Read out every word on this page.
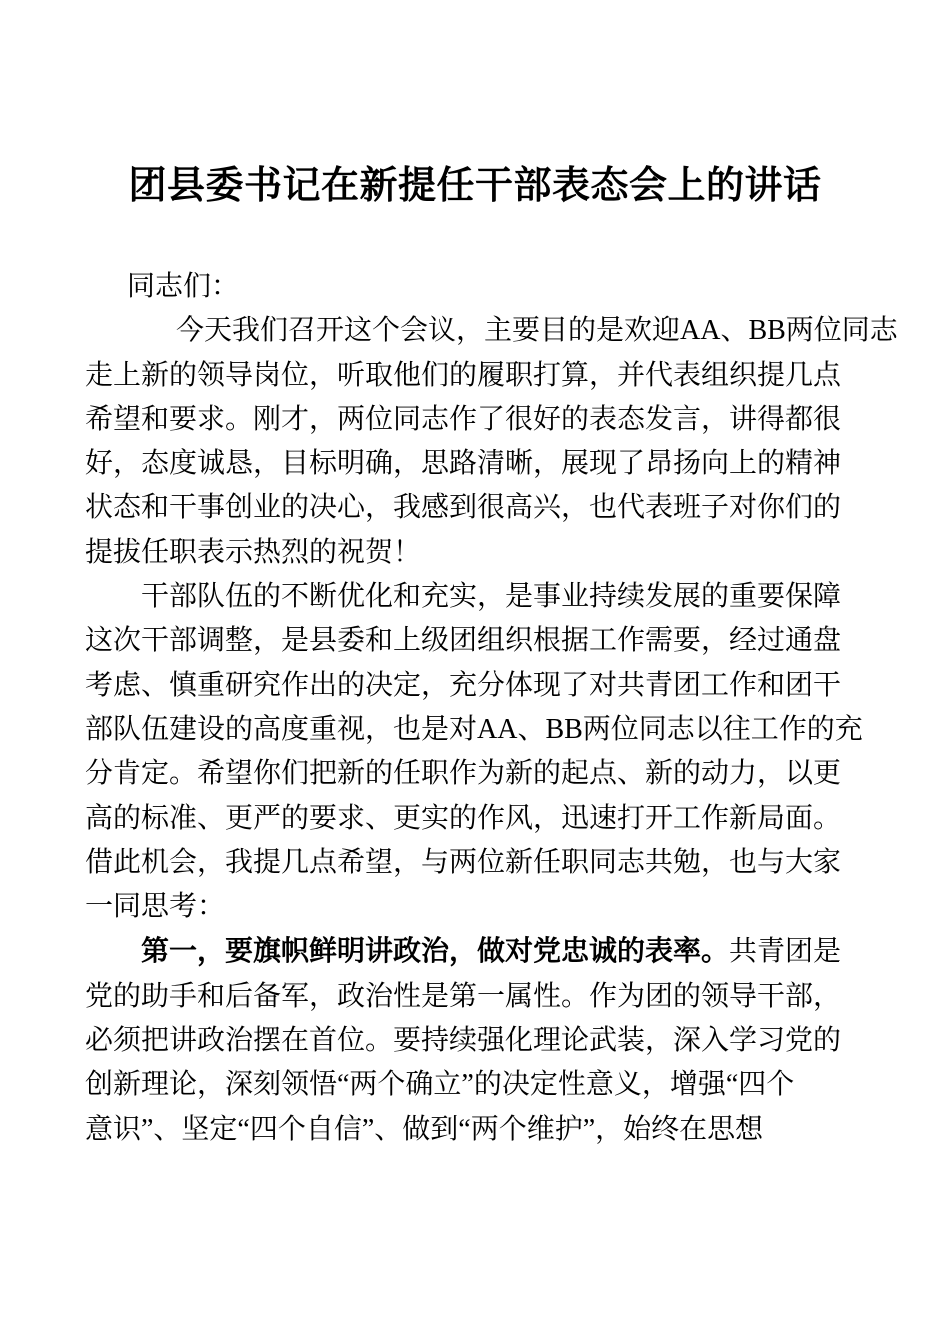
团县委书记在新提任干部表态会上的讲话

同志们：

今天我们召开这个会议，主要目的是欢迎AA、BB两位同志
走上新的领导岗位，听取他们的履职打算，并代表组织提几点
希望和要求。刚才，两位同志作了很好的表态发言，讲得都很
好，态度诚恳，目标明确，思路清晰，展现了昂扬向上的精神
状态和干事创业的决心，我感到很高兴，也代表班子对你们的
提拔任职表示热烈的祝贺！

干部队伍的不断优化和充实，是事业持续发展的重要保障
这次干部调整，是县委和上级团组织根据工作需要，经过通盘
考虑、慎重研究作出的决定，充分体现了对共青团工作和团干
部队伍建设的高度重视，也是对AA、BB两位同志以往工作的充
分肯定。希望你们把新的任职作为新的起点、新的动力，以更
高的标准、更严的要求、更实的作风，迅速打开工作新局面。
借此机会，我提几点希望，与两位新任职同志共勉，也与大家
一同思考：

第一，要旗帜鲜明讲政治，做对党忠诚的表率。共青团是
党的助手和后备军，政治性是第一属性。作为团的领导干部，
必须把讲政治摆在首位。要持续强化理论武装，深入学习党的
创新理论，深刻领悟“两个确立”的决定性意义，增强“四个
意识”、坚定“四个自信”、做到“两个维护”，始终在思想
